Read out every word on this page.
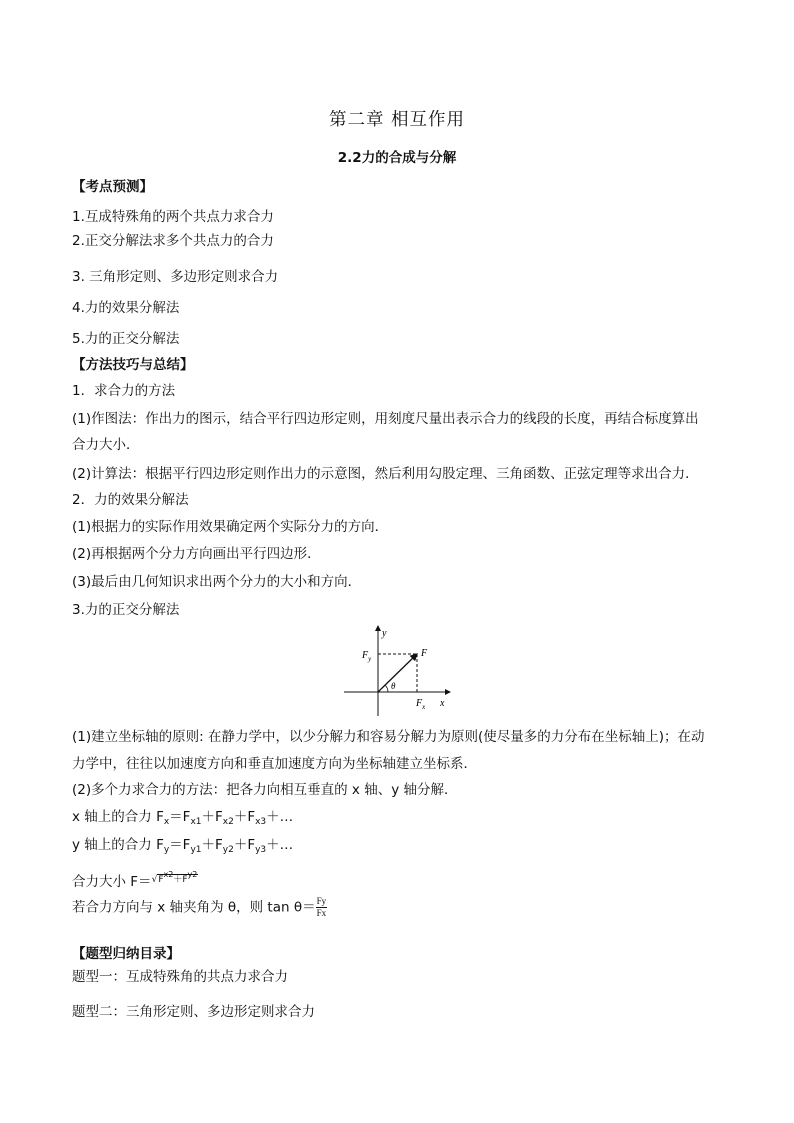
第二章 相互作用
2.2力的合成与分解
【考点预测】
1.互成特殊角的两个共点力求合力
2.正交分解法求多个共点力的合力
3. 三角形定则、多边形定则求合力
4.力的效果分解法
5.力的正交分解法
【方法技巧与总结】
1．求合力的方法
(1)作图法：作出力的图示，结合平行四边形定则，用刻度尺量出表示合力的线段的长度，再结合标度算出
合力大小．
(2)计算法：根据平行四边形定则作出力的示意图，然后利用勾股定理、三角函数、正弦定理等求出合力．
2．力的效果分解法
(1)根据力的实际作用效果确定两个实际分力的方向．
(2)再根据两个分力方向画出平行四边形．
(3)最后由几何知识求出两个分力的大小和方向．
3.力的正交分解法
y
x
F
$F_y$
$F_x$
θ
(1)建立坐标轴的原则: 在静力学中，以少分解力和容易分解力为原则(使尽量多的力分布在坐标轴上)；在动
力学中，往往以加速度方向和垂直加速度方向为坐标轴建立坐标系．
(2)多个力求合力的方法：把各力向相互垂直的 x 轴、y 轴分解．
x 轴上的合力 $F_x=F_{x1}+F_{x2}+F_{x3}+\dots$
y 轴上的合力 $F_y=F_{y1}+F_{y2}+F_{y3}+\dots$
合力大小 $F=√F^{x2}+F^{y2}$
若合力方向与 x 轴夹角为 θ，则 $\tan \theta= \frac{Fy}{Fx}$
【题型归纳目录】
题型一：互成特殊角的共点力求合力
题型二：三角形定则、多边形定则求合力
